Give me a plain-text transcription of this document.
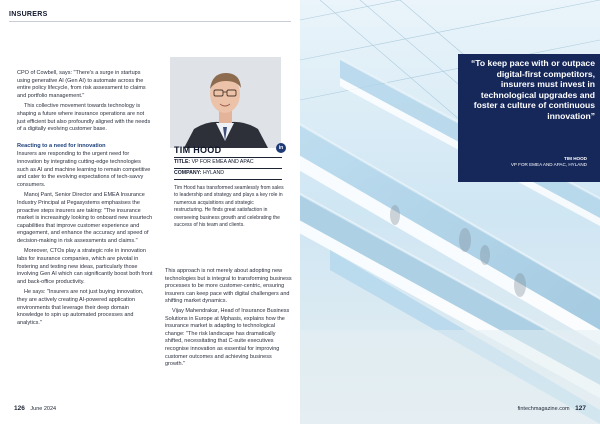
INSURERS

CPO of Cowbell, says: "There's a surge in startups using generative AI (Gen AI) to automate across the entire policy lifecycle, from risk assessment to claims and portfolio management."

This collective movement towards technology is shaping a future where insurance operations are not just efficient but also profoundly aligned with the needs of a digitally evolving customer base.

Reacting to a need for innovation

Insurers are responding to the urgent need for innovation by integrating cutting-edge technologies such as AI and machine learning to remain competitive and cater to the evolving expectations of tech-savvy consumers.

Manoj Pant, Senior Director and EMEA Insurance Industry Principal at Pegasystems emphasises the proactive steps insurers are taking: "The insurance market is increasingly looking to onboard new insurtech capabilities that improve customer experience and engagement, and enhance the accuracy and speed of decision-making in risk assessments and claims."

Moreover, CTOs play a strategic role in innovation labs for insurance companies, which are pivotal in fostering and testing new ideas, particularly those involving Gen AI which can significantly boost both front and back-office productivity.

He says: "Insurers are not just buying innovation, they are actively creating AI-powered application environments that leverage their deep domain knowledge to spin up automated processes and analytics."

in
TIM HOOD
TITLE: VP FOR EMEA AND APAC
COMPANY: HYLAND
Tim Hood has transformed seamlessly from sales to leadership and strategy and plays a key role in numerous acquisitions and strategic restructuring. He finds great satisfaction in overseeing business growth and celebrating the success of his team and clients.

This approach is not merely about adopting new technologies but is integral to transforming business processes to be more customer-centric, ensuring insurers can keep pace with digital challengers and shifting market dynamics.

Vijay Mahendrakar, Head of Insurance Business Solutions in Europe at Mphasis, explains how the insurance market is adapting to technological change: "The risk landscape has dramatically shifted, necessitating that C-suite executives recognise innovation as essential for improving customer outcomes and achieving business growth."

126 June 2024
“To keep pace with or outpace digital-first competitors, insurers must invest in technological upgrades and foster a culture of continuous innovation”
TIM HOOD
VP FOR EMEA AND APAC, HYLAND
fintechmagazine.com 127
